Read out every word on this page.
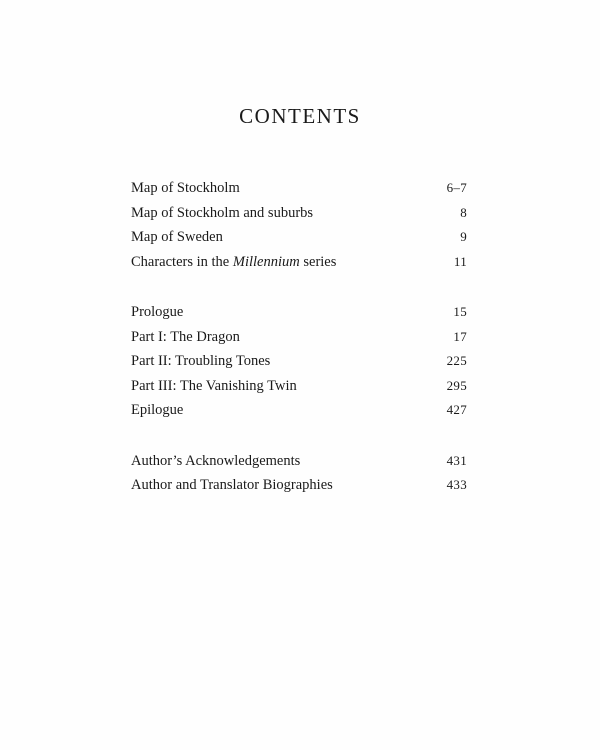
CONTENTS
Map of Stockholm	6–7
Map of Stockholm and suburbs	8
Map of Sweden	9
Characters in the Millennium series	11
Prologue	15
Part I: The Dragon	17
Part II: Troubling Tones	225
Part III: The Vanishing Twin	295
Epilogue	427
Author’s Acknowledgements	431
Author and Translator Biographies	433
